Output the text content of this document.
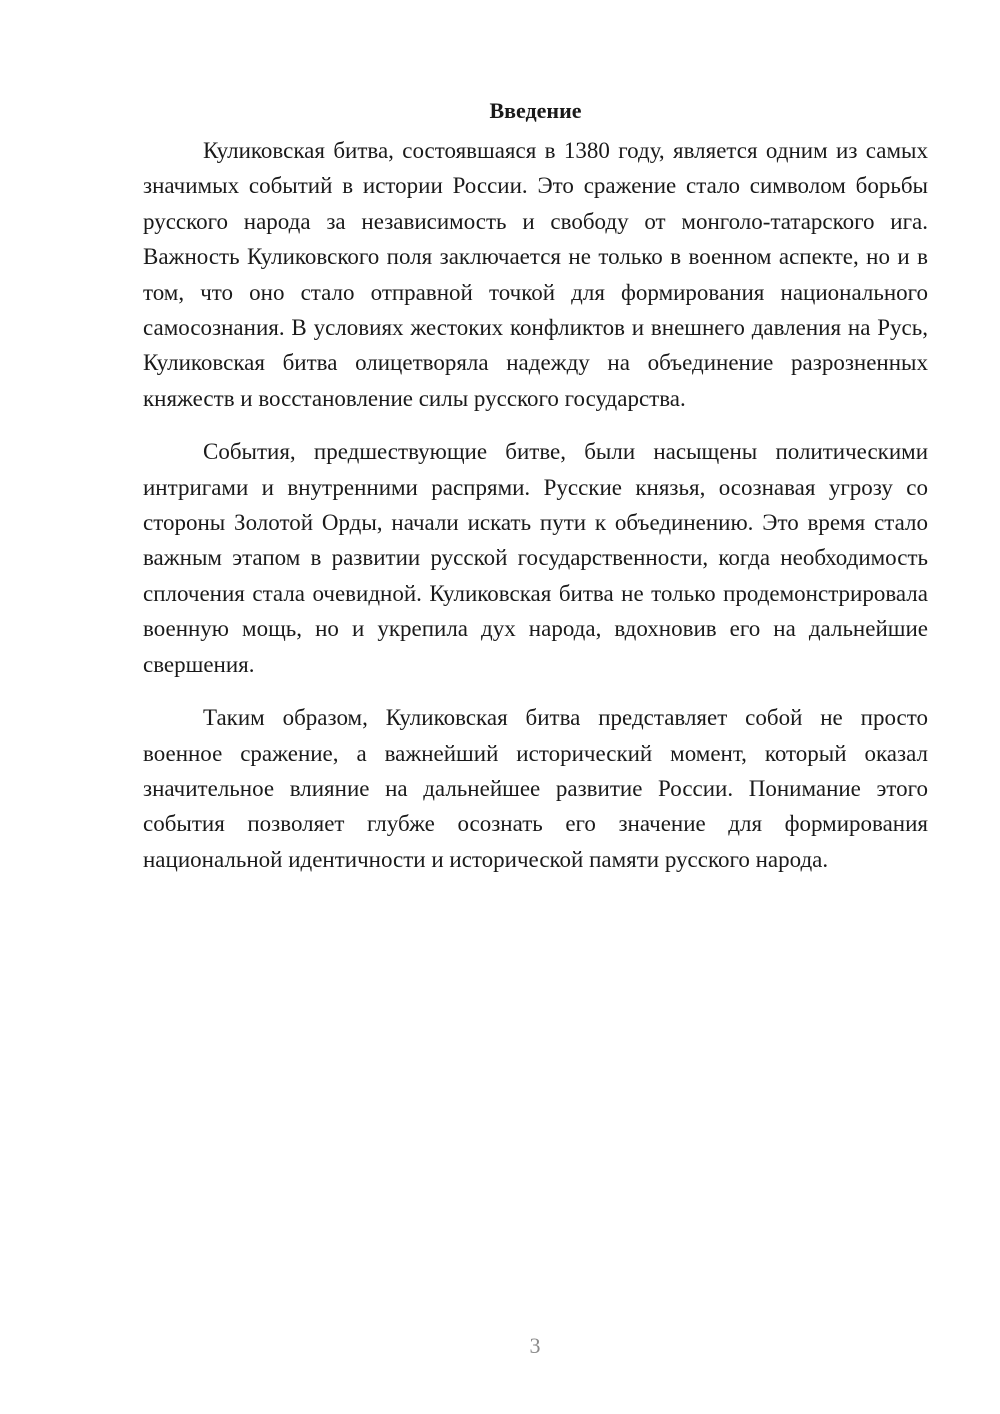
Введение

Куликовская битва, состоявшаяся в 1380 году, является одним из самых значимых событий в истории России. Это сражение стало символом борьбы русского народа за независимость и свободу от монголо-татарского ига. Важность Куликовского поля заключается не только в военном аспекте, но и в том, что оно стало отправной точкой для формирования национального самосознания. В условиях жестоких конфликтов и внешнего давления на Русь, Куликовская битва олицетворяла надежду на объединение разрозненных княжеств и восстановление силы русского государства.

События, предшествующие битве, были насыщены политическими интригами и внутренними распрями. Русские князья, осознавая угрозу со стороны Золотой Орды, начали искать пути к объединению. Это время стало важным этапом в развитии русской государственности, когда необходимость сплочения стала очевидной. Куликовская битва не только продемонстрировала военную мощь, но и укрепила дух народа, вдохновив его на дальнейшие свершения.

Таким образом, Куликовская битва представляет собой не просто военное сражение, а важнейший исторический момент, который оказал значительное влияние на дальнейшее развитие России. Понимание этого события позволяет глубже осознать его значение для формирования национальной идентичности и исторической памяти русского народа.

3
